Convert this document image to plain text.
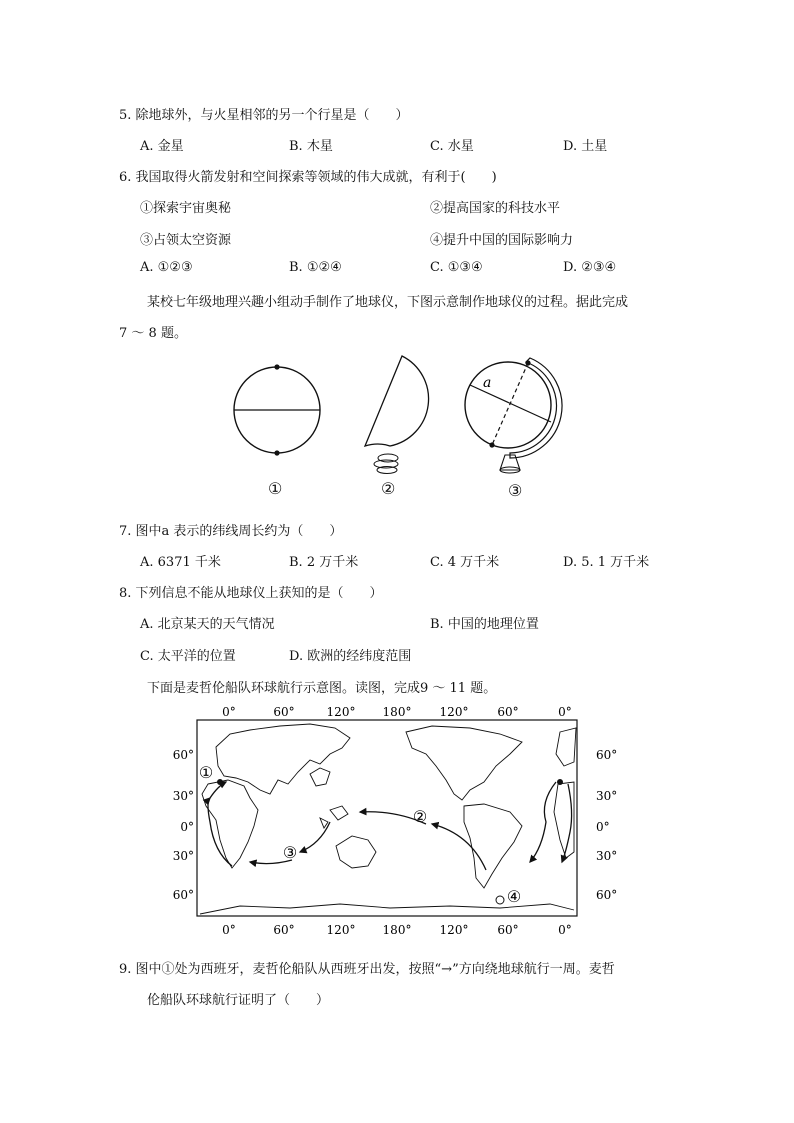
5. 除地球外，与火星相邻的另一个行星是（　　）
A. 金星	B. 木星	C. 水星	D. 土星
6. 我国取得火箭发射和空间探索等领域的伟大成就，有利于(　　)
①探索宇宙奥秘	②提高国家的科技水平
③占领太空资源	④提升中国的国际影响力
A. ①②③	B. ①②④	C. ①③④	D. ②③④
某校七年级地理兴趣小组动手制作了地球仪，下图示意制作地球仪的过程。据此完成
7 ～ 8 题。
a
①	②	③
7. 图中a 表示的纬线周长约为（　　）
A. 6371 千米	B. 2 万千米	C. 4 万千米	D. 5. 1 万千米
8. 下列信息不能从地球仪上获知的是（　　）
A. 北京某天的天气情况	B. 中国的地理位置
C. 太平洋的位置	D. 欧洲的经纬度范围
下面是麦哲伦船队环球航行示意图。读图，完成9 ～ 11 题。
0°	60°	120° 180° 120° 60°	0°
0°	60°	120° 180° 120° 60°	0°
60°
30°
0°
30°
60°
60°
30°
0°
30°
60°
①
②
③
④
9. 图中①处为西班牙，麦哲伦船队从西班牙出发，按照“→”方向绕地球航行一周。麦哲
伦船队环球航行证明了（　　）
